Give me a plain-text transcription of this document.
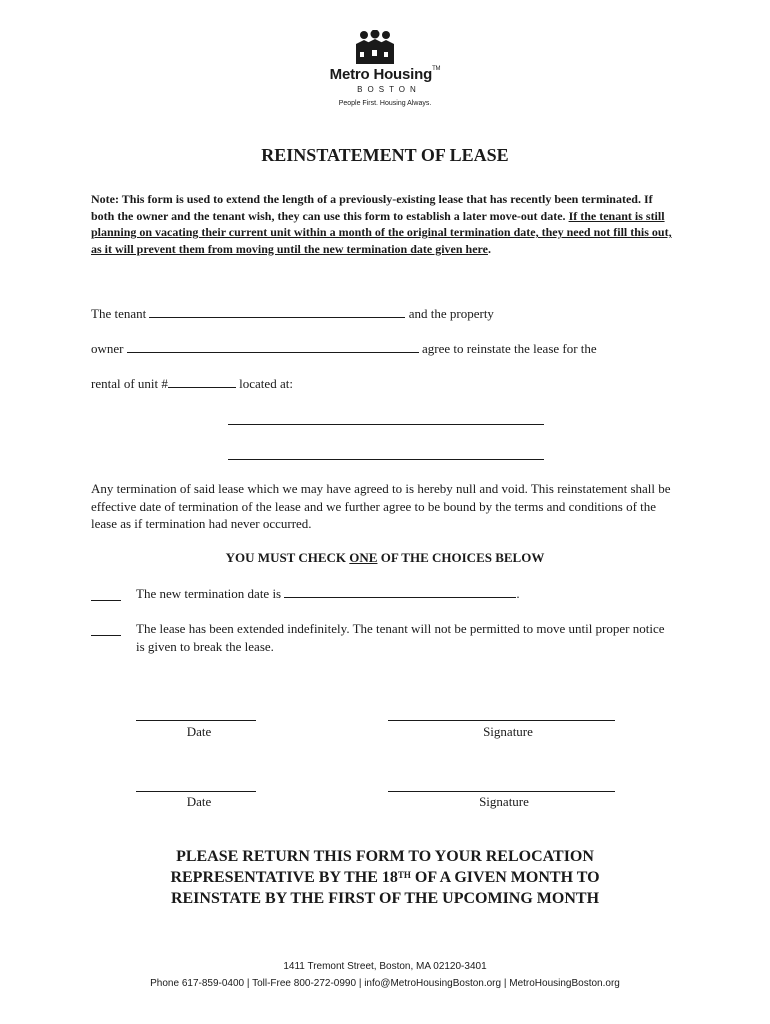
Metro Housing™
BOSTON
People First. Housing Always.
REINSTATEMENT OF LEASE
Note: This form is used to extend the length of a previously-existing lease that has recently been terminated. If both the owner and the tenant wish, they can use this form to establish a later move-out date. If the tenant is still planning on vacating their current unit within a month of the original termination date, they need not fill this out, as it will prevent them from moving until the new termination date given here.
The tenant	and the property
owner	agree to reinstate the lease for the
rental of unit #	located at:
Any termination of said lease which we may have agreed to is hereby null and void. This reinstatement shall be effective date of termination of the lease and we further agree to be bound by the terms and conditions of the lease as if termination had never occurred.
YOU MUST CHECK ONE OF THE CHOICES BELOW
The new termination date is	.
The lease has been extended indefinitely. The tenant will not be permitted to move until proper notice is given to break the lease.
Date	Signature
Date	Signature
PLEASE RETURN THIS FORM TO YOUR RELOCATION
REPRESENTATIVE BY THE 18TH OF A GIVEN MONTH TO
REINSTATE BY THE FIRST OF THE UPCOMING MONTH
1411 Tremont Street, Boston, MA 02120-3401
Phone 617-859-0400 | Toll-Free 800-272-0990 | info@MetroHousingBoston.org | MetroHousingBoston.org
